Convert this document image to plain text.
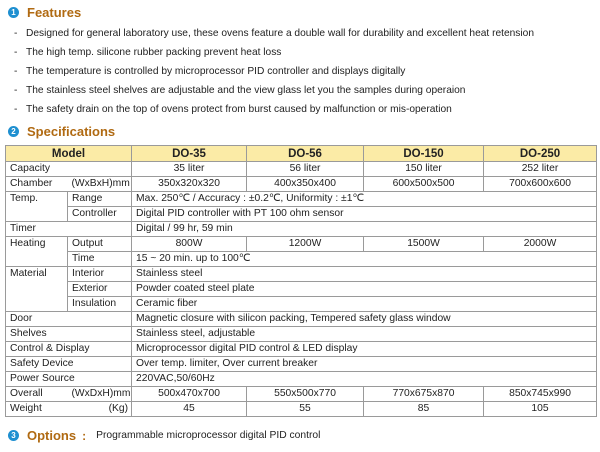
1 Features
- Designed for general laboratory use, these ovens feature a double wall for durability and excellent heat retension
- The high temp. silicone rubber packing prevent heat loss
- The temperature is controlled by microprocessor PID controller and displays digitally
- The stainless steel shelves are adjustable and the view glass let you the samples during operaion
- The safety drain on the top of ovens protect from burst caused by malfunction or mis-operation
2 Specifications
Model		DO-35	DO-56	DO-150	DO-250
Capacity		35 liter	56 liter	150 liter	252 liter
Chamber	(WxBxH)mm	350x320x320	400x350x400	600x500x500	700x600x600
Temp.	Range	Max. 250℃ / Accuracy : ±0.2℃, Uniformity : ±1℃			
	Controller	Digital PID controller with PT 100 ohm sensor			
Timer		Digital / 99 hr, 59 min			
Heating	Output	800W	1200W	1500W	2000W
	Time	15 ~ 20 min. up to 100℃			
Material	Interior	Stainless steel			
	Exterior	Powder coated steel plate			
	Insulation	Ceramic fiber			
Door		Magnetic closure with silicon packing, Tempered safety glass window			
Shelves		Stainless steel, adjustable			
Control & Display		Microprocessor digital PID control & LED display			
Safety Device		Over temp. limiter, Over current breaker			
Power Source		220VAC,50/60Hz			
Overall	(WxDxH)mm	500x470x700	550x500x770	770x675x870	850x745x990
Weight	(Kg)	45	55	85	105
3 Options : Programmable microprocessor digital PID control
